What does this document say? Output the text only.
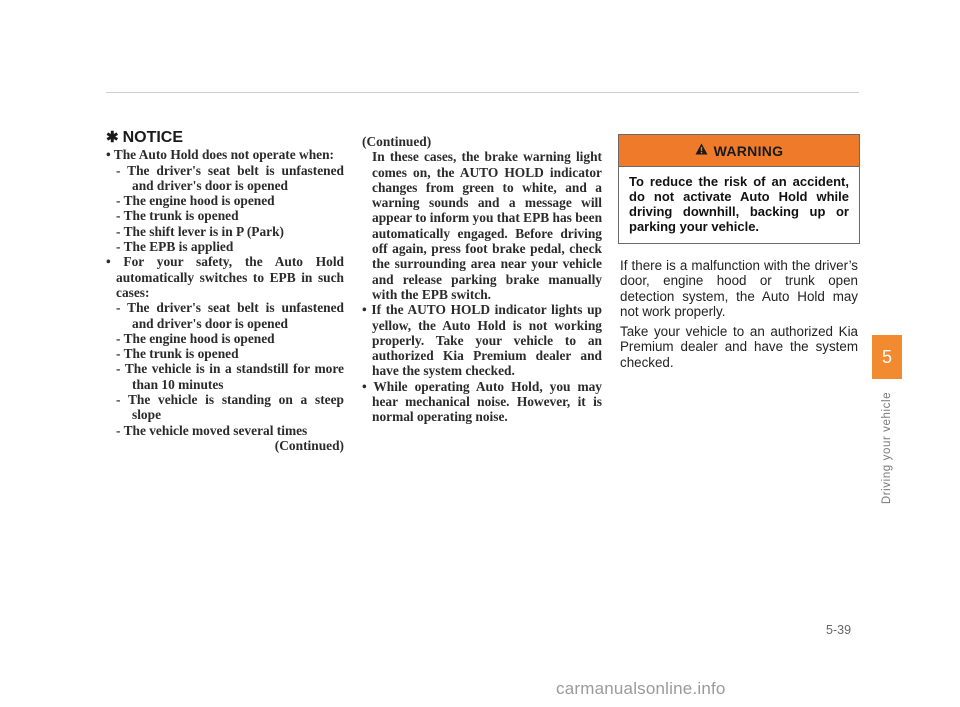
✱ NOTICE
• The Auto Hold does not operate when:
- The driver's seat belt is unfastened and driver's door is opened
- The engine hood is opened
- The trunk is opened
- The shift lever is in P (Park)
- The EPB is applied
• For your safety, the Auto Hold automatically switches to EPB in such cases:
- The driver's seat belt is unfastened and driver's door is opened
- The engine hood is opened
- The trunk is opened
- The vehicle is in a standstill for more than 10 minutes
- The vehicle is standing on a steep slope
- The vehicle moved several times
(Continued)
(Continued)
In these cases, the brake warning light comes on, the AUTO HOLD indicator changes from green to white, and a warning sounds and a message will appear to inform you that EPB has been automatically engaged. Before driving off again, press foot brake pedal, check the surrounding area near your vehicle and release parking brake manually with the EPB switch.
• If the AUTO HOLD indicator lights up yellow, the Auto Hold is not working properly. Take your vehicle to an authorized Kia Premium dealer and have the system checked.
• While operating Auto Hold, you may hear mechanical noise. However, it is normal operating noise.
WARNING
To reduce the risk of an accident, do not activate Auto Hold while driving downhill, backing up or parking your vehicle.
If there is a malfunction with the driver’s door, engine hood or trunk open detection system, the Auto Hold may not work properly.
Take your vehicle to an authorized Kia Premium dealer and have the system checked.	5
Driving your vehicle
5-39
carmanualsonline.info
